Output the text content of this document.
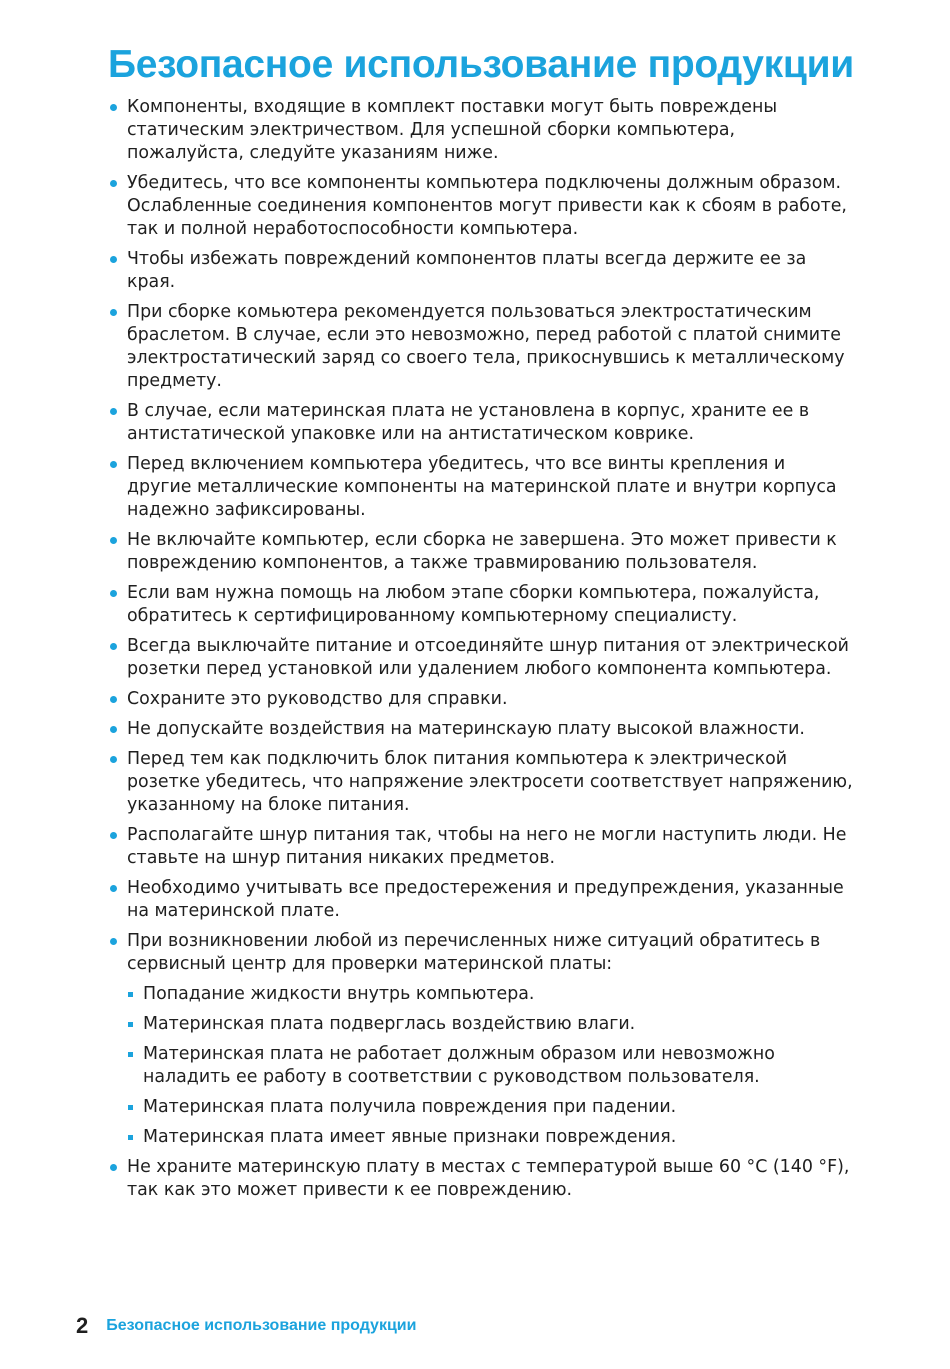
Безопасное использование продукции
Компоненты, входящие в комплект поставки могут быть повреждены статическим электричеством. Для успешной сборки компьютера, пожалуйста, следуйте указаниям ниже.
Убедитесь, что все компоненты компьютера подключены должным образом. Ослабленные соединения компонентов могут привести как к сбоям в работе, так и полной неработоспособности компьютера.
Чтобы избежать повреждений компонентов платы всегда держите ее за края.
При сборке комьютера рекомендуется пользоваться электростатическим браслетом. В случае, если это невозможно, перед работой с платой снимите электростатический заряд со своего тела, прикоснувшись к металлическому предмету.
В случае, если материнская плата не установлена в корпус, храните ее в антистатической упаковке или на антистатическом коврике.
Перед включением компьютера убедитесь, что все винты крепления и другие металлические компоненты на материнской плате и внутри корпуса надежно зафиксированы.
Не включайте компьютер, если сборка не завершена. Это может привести к повреждению компонентов, а также травмированию пользователя.
Если вам нужна помощь на любом этапе сборки компьютера, пожалуйста, обратитесь к сертифицированному компьютерному специалисту.
Всегда выключайте питание и отсоединяйте шнур питания от электрической розетки перед установкой или удалением любого компонента компьютера.
Сохраните это руководство для справки.
Не допускайте воздействия на материнскаую плату высокой влажности.
Перед тем как подключить блок питания компьютера к электрической розетке убедитесь, что напряжение электросети соответствует напряжению, указанному на блоке питания.
Располагайте шнур питания так, чтобы на него не могли наступить люди. Не ставьте на шнур питания никаких предметов.
Необходимо учитывать все предостережения и предупреждения, указанные на материнской плате.
При возникновении любой из перечисленных ниже ситуаций обратитесь в сервисный центр для проверки материнской платы:
Попадание жидкости внутрь компьютера.
Материнская плата подверглась воздействию влаги.
Материнская плата не работает должным образом или невозможно наладить ее работу в соответствии с руководством пользователя.
Материнская плата получила повреждения при падении.
Материнская плата имеет явные признаки повреждения.
Не храните материнскую плату в местах с температурой выше 60 °C (140 °F), так как это может привести к ее повреждению.
2 Безопасное использование продукции
